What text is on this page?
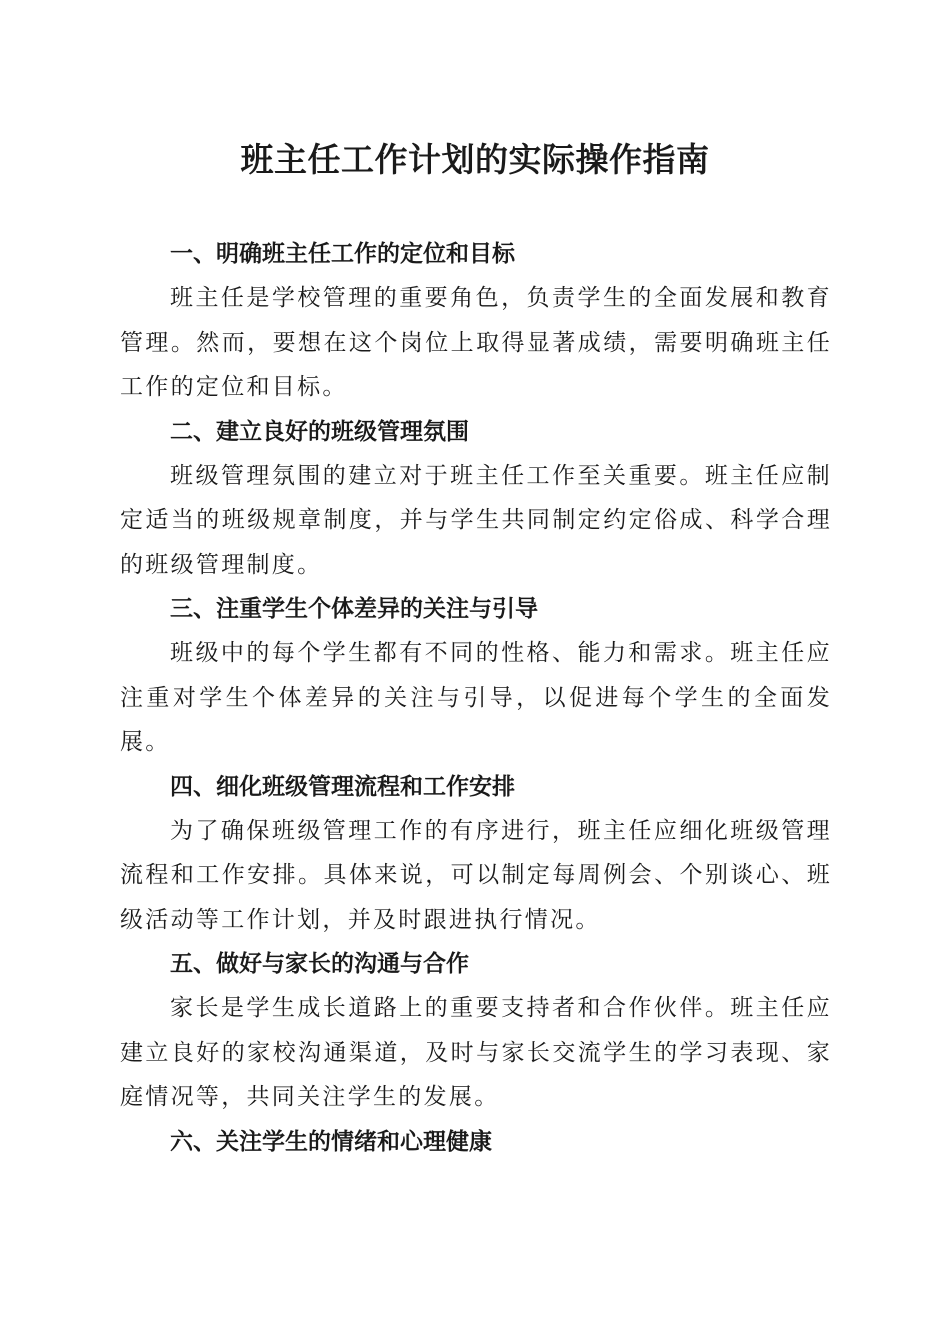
班主任工作计划的实际操作指南
一、明确班主任工作的定位和目标

班主任是学校管理的重要角色，负责学生的全面发展和教育管理。然而，要想在这个岗位上取得显著成绩，需要明确班主任工作的定位和目标。

二、建立良好的班级管理氛围

班级管理氛围的建立对于班主任工作至关重要。班主任应制定适当的班级规章制度，并与学生共同制定约定俗成、科学合理的班级管理制度。

三、注重学生个体差异的关注与引导

班级中的每个学生都有不同的性格、能力和需求。班主任应注重对学生个体差异的关注与引导，以促进每个学生的全面发展。

四、细化班级管理流程和工作安排

为了确保班级管理工作的有序进行，班主任应细化班级管理流程和工作安排。具体来说，可以制定每周例会、个别谈心、班级活动等工作计划，并及时跟进执行情况。

五、做好与家长的沟通与合作

家长是学生成长道路上的重要支持者和合作伙伴。班主任应建立良好的家校沟通渠道，及时与家长交流学生的学习表现、家庭情况等，共同关注学生的发展。

六、关注学生的情绪和心理健康
